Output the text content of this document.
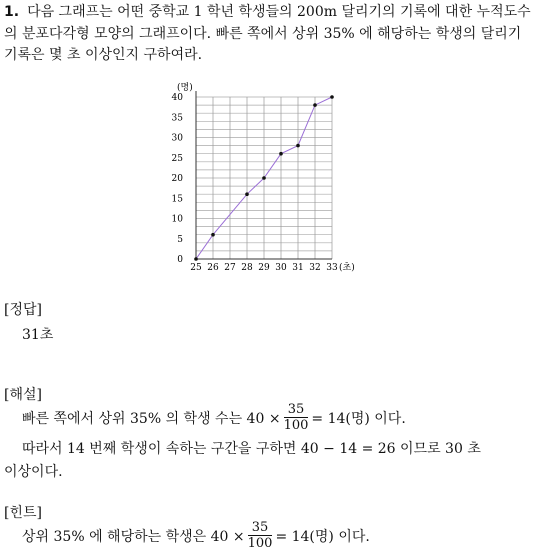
1. 다음 그래프는 어떤 중학교 1 학년 학생들의 200m 달리기의 기록에 대한 누적도수의 분포다각형 모양의 그래프이다. 빠른 쪽에서 상위 35% 에 해당하는 학생의 달리기 기록은 몇 초 이상인지 구하여라.
0
5
10
15
20
25
30
35
40
25 26 27 28 29 30 31 32 33
(명)
(초)
[정답]
31초
[해설]
빠른 쪽에서 상위 35% 의 학생 수는 $40 \times \frac{35}{100} = 14$(명) 이다.
따라서 14 번째 학생이 속하는 구간을 구하면 40 − 14 = 26 이므로 30 초
이상이다.
[힌트]
상위 35% 에 해당하는 학생은 $40 \times \frac{35}{100} = 14$(명) 이다.
